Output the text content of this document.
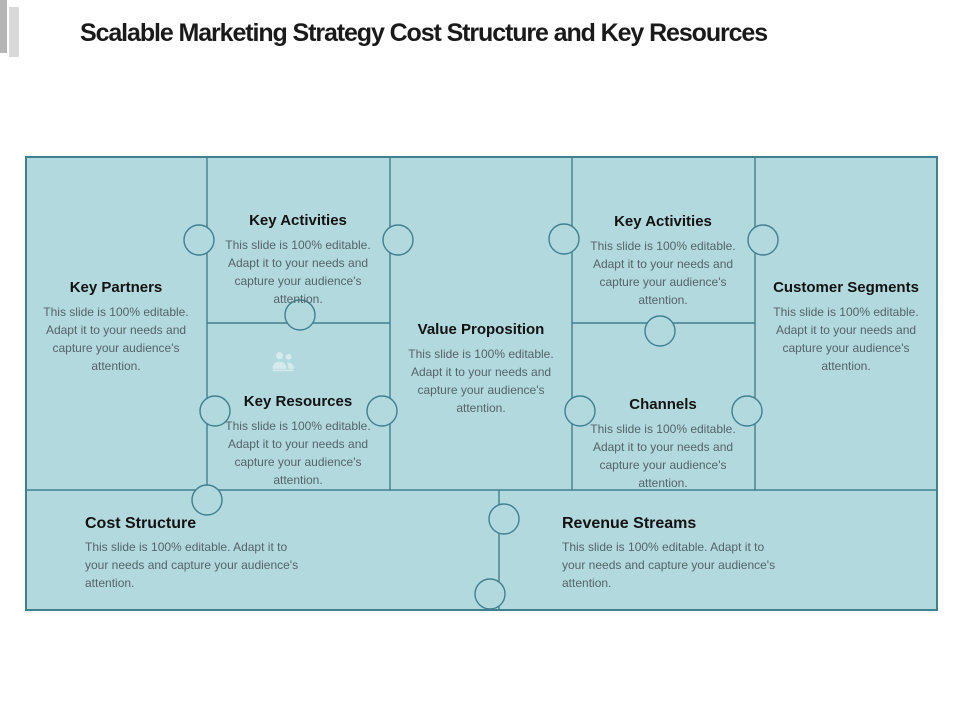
Scalable Marketing Strategy Cost Structure and Key Resources
Key Partners
This slide is 100% editable. Adapt it to your needs and capture your audience's attention.
Key Activities
This slide is 100% editable. Adapt it to your needs and capture your audience's attention.
Key Resources
This slide is 100% editable. Adapt it to your needs and capture your audience's attention.
Value Proposition
This slide is 100% editable. Adapt it to your needs and capture your audience's attention.
Key Activities
This slide is 100% editable. Adapt it to your needs and capture your audience's attention.
Channels
This slide is 100% editable. Adapt it to your needs and capture your audience's attention.
Customer Segments
This slide is 100% editable. Adapt it to your needs and capture your audience's attention.
Cost Structure
This slide is 100% editable. Adapt it to your needs and capture your audience's attention.
Revenue Streams
This slide is 100% editable. Adapt it to your needs and capture your audience's attention.
